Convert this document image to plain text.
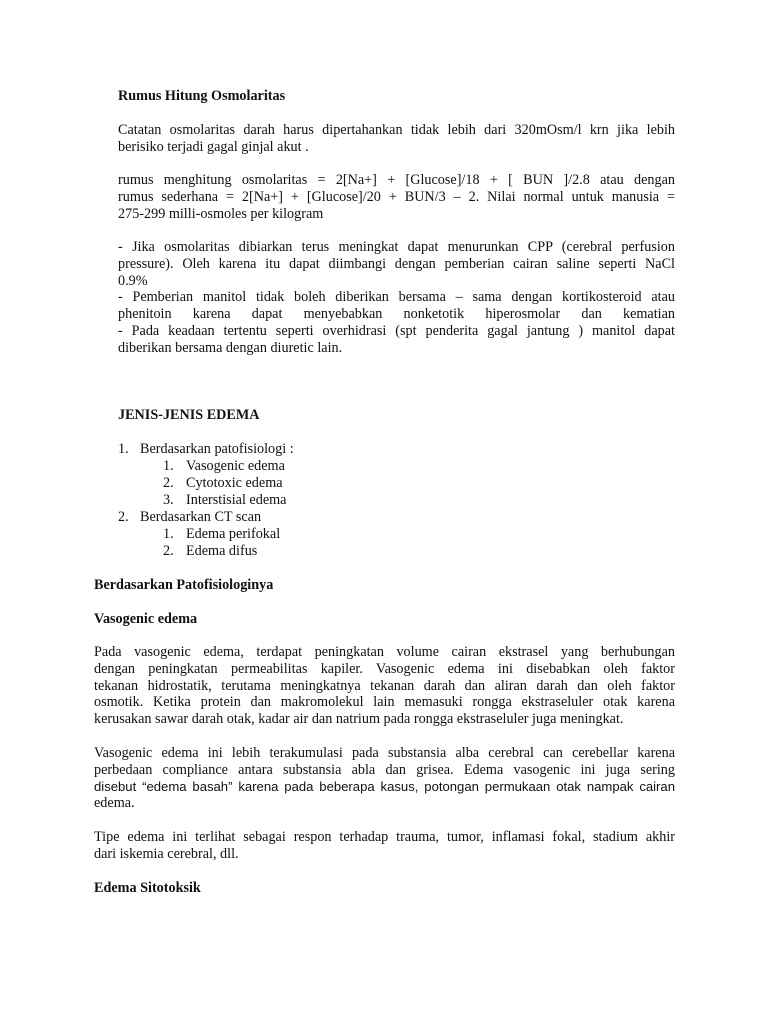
Rumus Hitung Osmolaritas
Catatan osmolaritas darah harus dipertahankan tidak lebih dari 320mOsm/l krn jika lebih
berisiko terjadi gagal ginjal akut .
rumus menghitung osmolaritas = 2[Na+] + [Glucose]/18 + [ BUN ]/2.8 atau dengan
rumus sederhana = 2[Na+] + [Glucose]/20 + BUN/3 – 2. Nilai normal untuk manusia =
275-299 milli-osmoles per kilogram
- Jika osmolaritas dibiarkan terus meningkat dapat menurunkan CPP (cerebral perfusion
pressure). Oleh karena itu dapat diimbangi dengan pemberian cairan saline seperti NaCl
0.9%
- Pemberian manitol tidak boleh diberikan bersama – sama dengan kortikosteroid atau
phenitoin karena dapat menyebabkan nonketotik hiperosmolar dan kematian
- Pada keadaan tertentu seperti overhidrasi (spt penderita gagal jantung ) manitol dapat
diberikan bersama dengan diuretic lain.
JENIS-JENIS EDEMA
1. Berdasarkan patofisiologi :
1. Vasogenic edema
2. Cytotoxic edema
3. Interstisial edema
2. Berdasarkan CT scan
1. Edema perifokal
2. Edema difus
Berdasarkan Patofisiologinya
Vasogenic edema
Pada vasogenic edema, terdapat peningkatan volume cairan ekstrasel yang berhubungan
dengan peningkatan permeabilitas kapiler. Vasogenic edema ini disebabkan oleh faktor
tekanan hidrostatik, terutama meningkatnya tekanan darah dan aliran darah dan oleh faktor
osmotik. Ketika protein dan makromolekul lain memasuki rongga ekstraseluler otak karena
kerusakan sawar darah otak, kadar air dan natrium pada rongga ekstraseluler juga meningkat.
Vasogenic edema ini lebih terakumulasi pada substansia alba cerebral can cerebellar karena
perbedaan compliance antara substansia abla dan grisea. Edema vasogenic ini juga sering
disebut “edema basah” karena pada beberapa kasus, potongan permukaan otak nampak cairan
edema.
Tipe edema ini terlihat sebagai respon terhadap trauma, tumor, inflamasi fokal, stadium akhir
dari iskemia cerebral, dll.
Edema Sitotoksik
